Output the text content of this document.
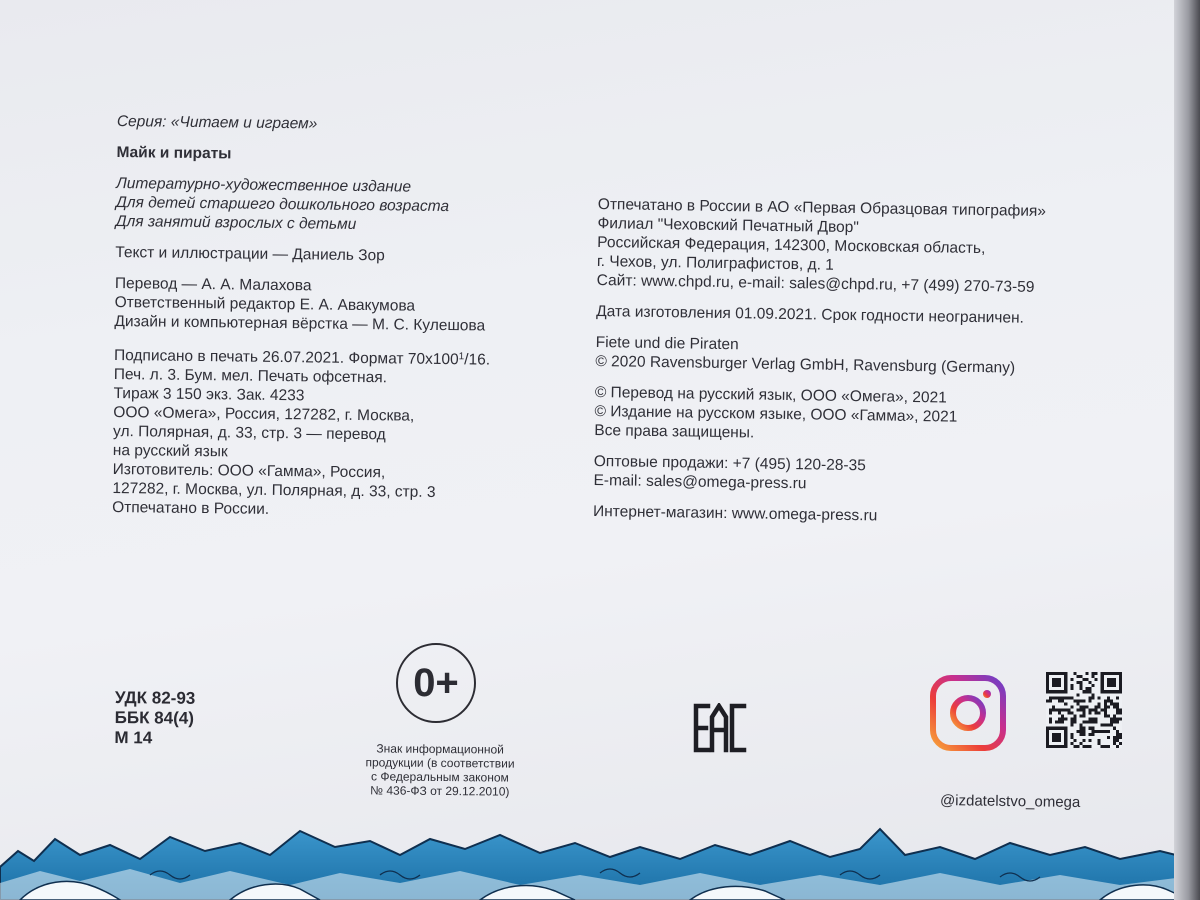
Серия: «Читаем и играем»
Майк и пираты
Литературно-художественное издание
Для детей старшего дошкольного возраста
Для занятий взрослых с детьми
Текст и иллюстрации — Даниель Зор
Перевод — А. А. Малахова
Ответственный редактор Е. А. Авакумова
Дизайн и компьютерная вёрстка — М. С. Кулешова
Подписано в печать 26.07.2021. Формат $70х100^1/16$.
Печ. л. 3. Бум. мел. Печать офсетная.
Тираж 3 150 экз. Зак. 4233
ООО «Омега», Россия, 127282, г. Москва,
ул. Полярная, д. 33, стр. 3 — перевод
на русский язык
Изготовитель: ООО «Гамма», Россия,
127282, г. Москва, ул. Полярная, д. 33, стр. 3
Отпечатано в России.
Отпечатано в России в АО «Первая Образцовая типография»
Филиал "Чеховский Печатный Двор"
Российская Федерация, 142300, Московская область,
г. Чехов, ул. Полиграфистов, д. 1
Сайт: www.chpd.ru, e-mail: sales@chpd.ru, +7 (499) 270-73-59
Дата изготовления 01.09.2021. Срок годности неограничен.
Fiete und die Piraten
© 2020 Ravensburger Verlag GmbH, Ravensburg (Germany)
© Перевод на русский язык, ООО «Омега», 2021
© Издание на русском языке, ООО «Гамма», 2021
Все права защищены.
Оптовые продажи: +7 (495) 120-28-35
E-mail: sales@omega-press.ru
Интернет-магазин: www.omega-press.ru
УДК 82-93
ББК 84(4)
М 14
0+
Знак информационной
продукции (в соответствии
с Федеральным законом
№ 436-ФЗ от 29.12.2010)
@izdatelstvo_omega
